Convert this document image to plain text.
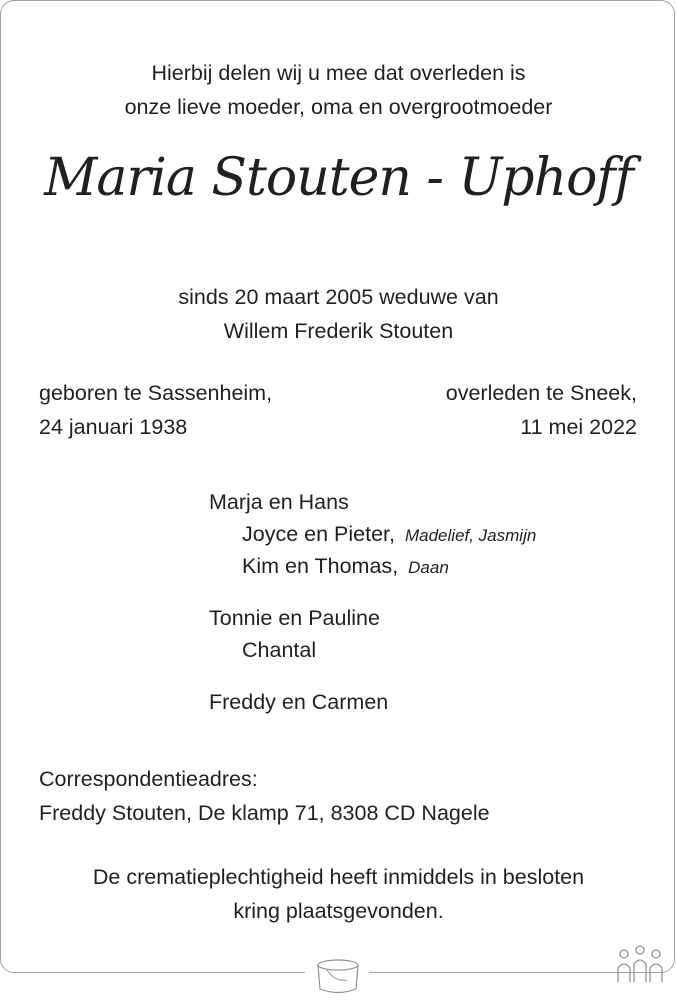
Hierbij delen wij u mee dat overleden is
onze lieve moeder, oma en overgrootmoeder
Maria Stouten - Uphoff
sinds 20 maart 2005 weduwe van
Willem Frederik Stouten
geboren te Sassenheim,
24 januari 1938
overleden te Sneek,
11 mei 2022
Marja en Hans
Joyce en Pieter, Madelief, Jasmijn
Kim en Thomas, Daan
Tonnie en Pauline
Chantal
Freddy en Carmen
Correspondentieadres:
Freddy Stouten, De klamp 71, 8308 CD Nagele
De crematieplechtigheid heeft inmiddels in besloten
kring plaatsgevonden.
